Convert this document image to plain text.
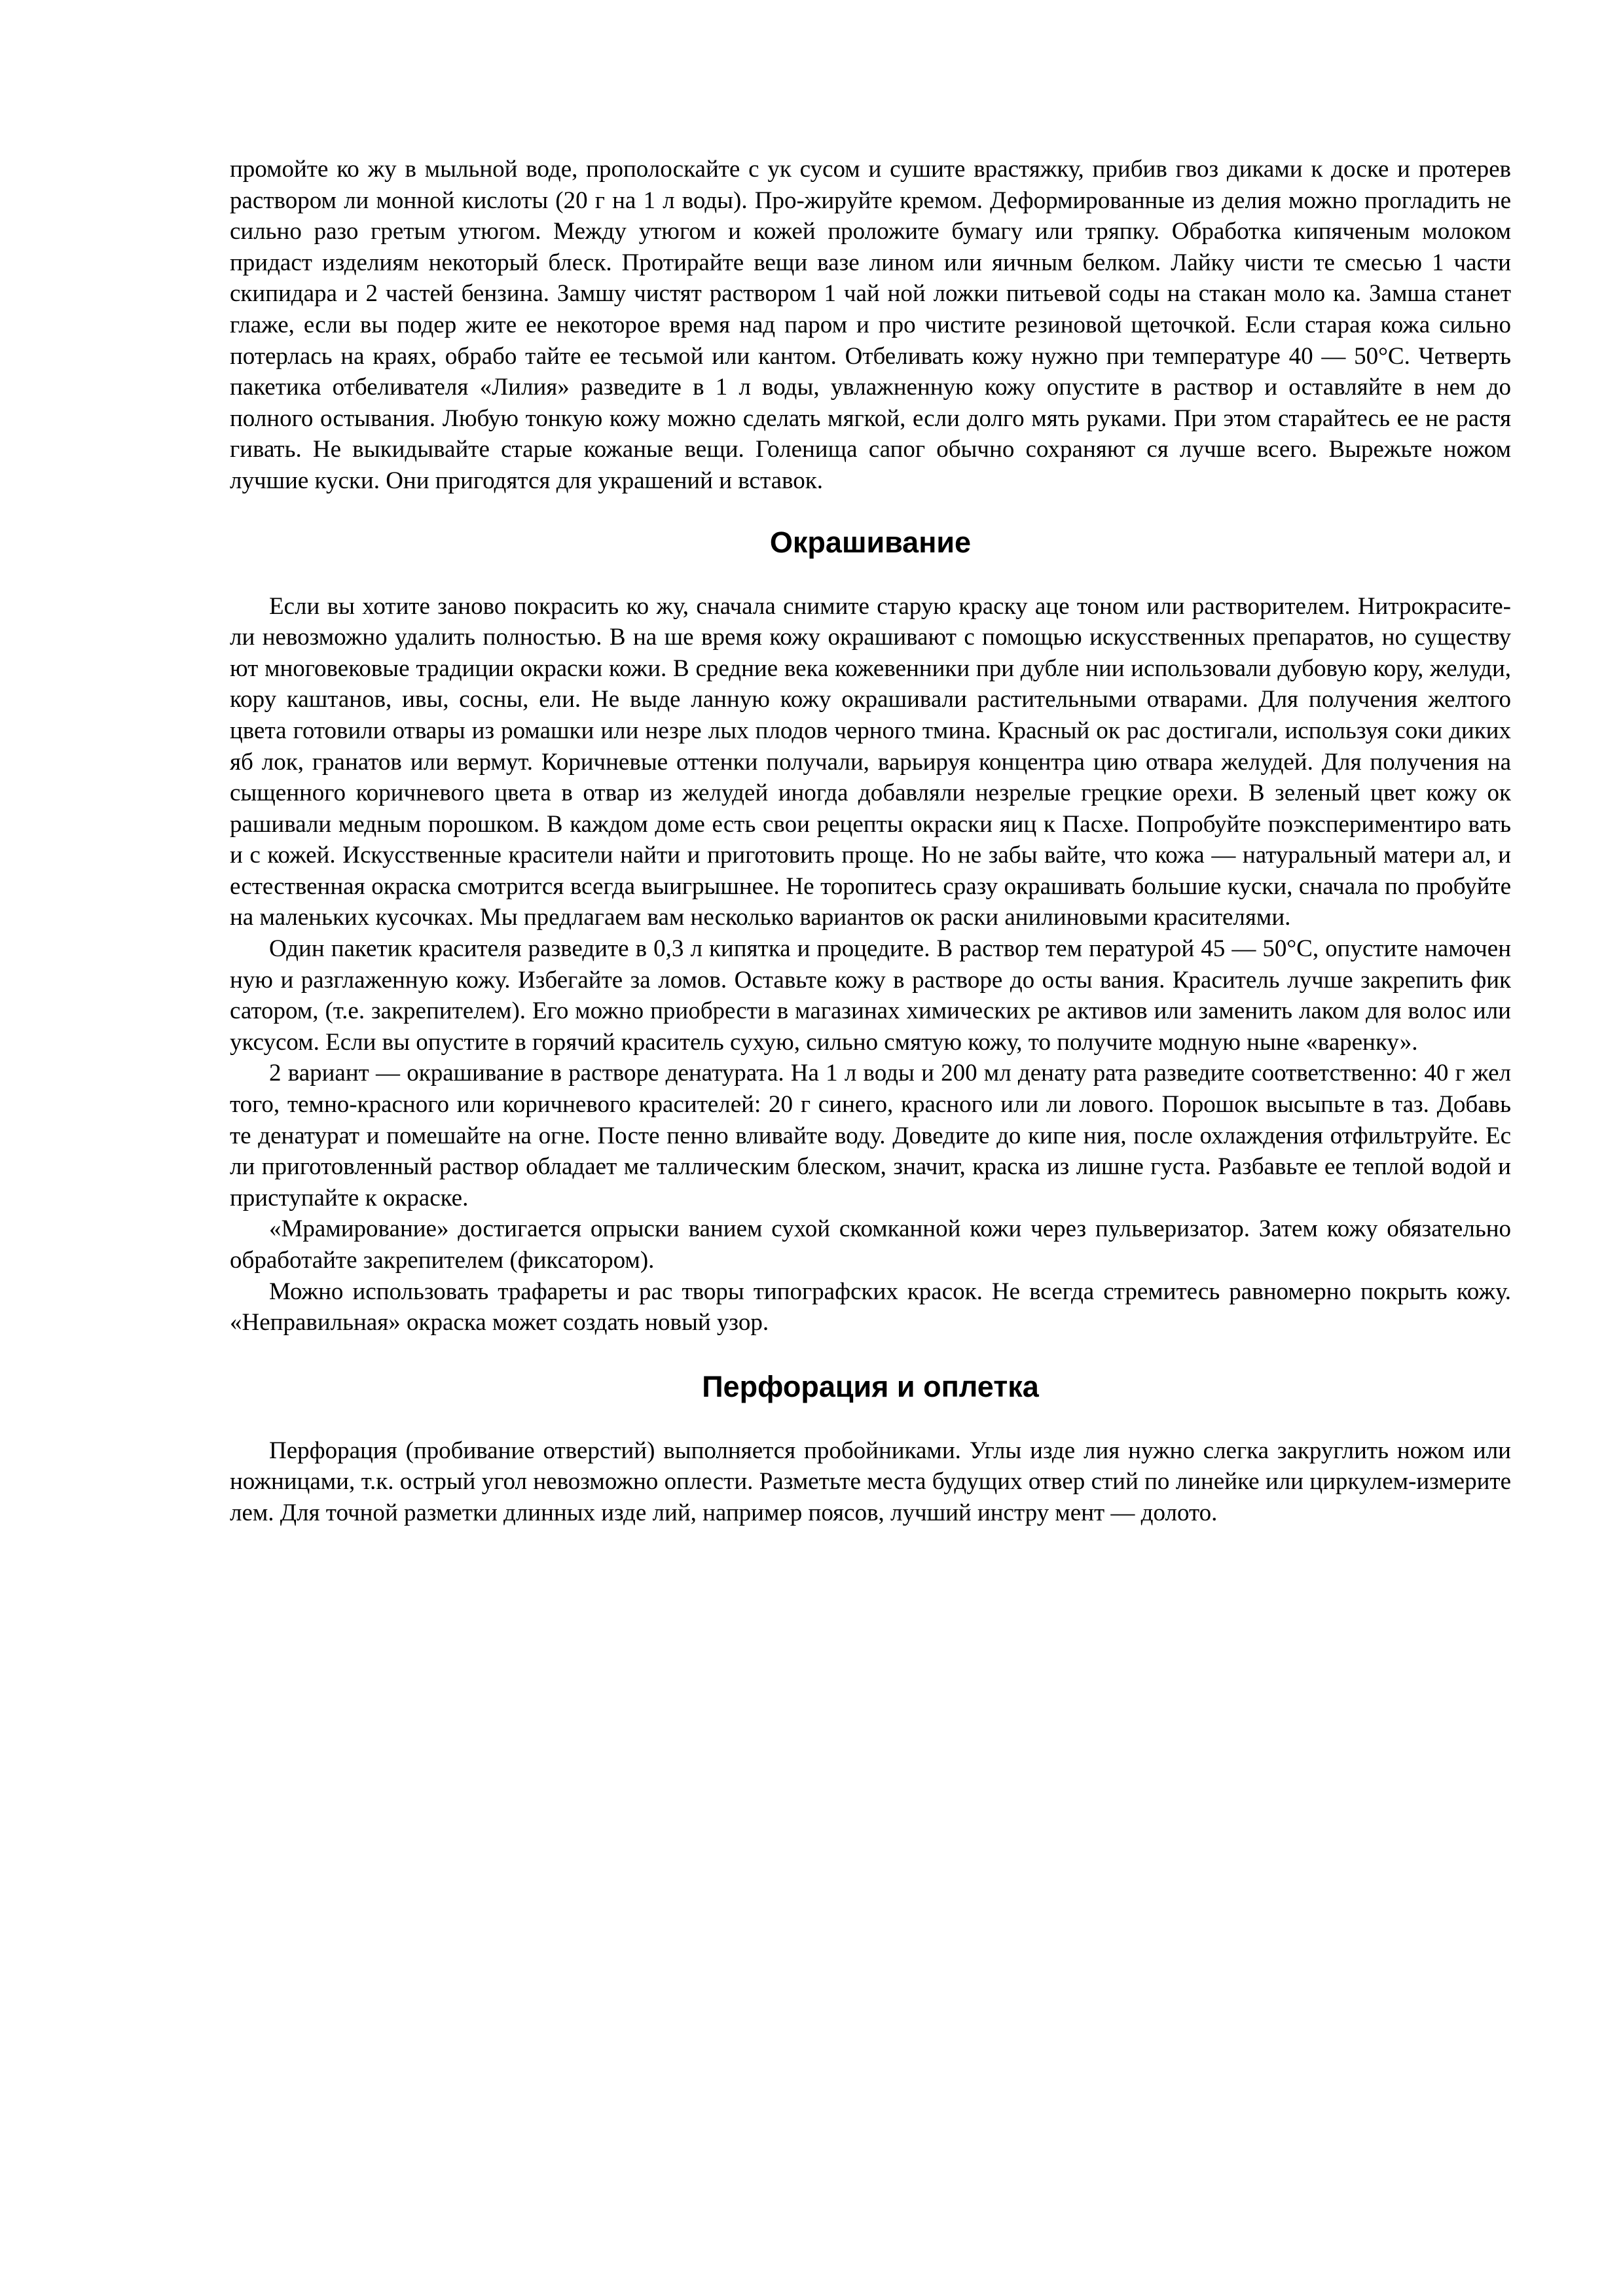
промойте ко жу в мыльной воде, прополоскайте с ук сусом и сушите врастяжку, прибив гвоз диками к доске и протерев раствором ли монной кислоты (20 г на 1 л воды). Про-жируйте кремом. Деформированные из делия можно прогладить не сильно разо гретым утюгом. Между утюгом и кожей проложите бумагу или тряпку. Обработка кипяченым молоком придаст изделиям некоторый блеск. Протирайте вещи вазе лином или яичным белком. Лайку чисти те смесью 1 части скипидара и 2 частей бензина. Замшу чистят раствором 1 чай ной ложки питьевой соды на стакан моло ка. Замша станет глаже, если вы подер жите ее некоторое время над паром и про чистите резиновой щеточкой. Если старая кожа сильно потерлась на краях, обрабо тайте ее тесьмой или кантом. Отбеливать кожу нужно при температуре 40 — 50°С. Четверть пакетика отбеливателя «Лилия» разведите в 1 л воды, увлажненную кожу опустите в раствор и оставляйте в нем до полного остывания. Любую тонкую кожу можно сделать мягкой, если долго мять руками. При этом старайтесь ее не растя гивать. Не выкидывайте старые кожаные вещи. Голенища сапог обычно сохраняют ся лучше всего. Вырежьте ножом лучшие куски. Они пригодятся для украшений и вставок.

Окрашивание

Если вы хотите заново покрасить ко жу, сначала снимите старую краску аце тоном или растворителем. Нитрокрасите-ли невозможно удалить полностью. В на ше время кожу окрашивают с помощью искусственных препаратов, но существу ют многовековые традиции окраски кожи. В средние века кожевенники при дубле нии использовали дубовую кору, желуди, кору каштанов, ивы, сосны, ели. Не выде ланную кожу окрашивали растительными отварами. Для получения желтого цвета готовили отвары из ромашки или незре лых плодов черного тмина. Красный ок рас достигали, используя соки диких яб лок, гранатов или вермут. Коричневые оттенки получали, варьируя концентра цию отвара желудей. Для получения на сыщенного коричневого цвета в отвар из желудей иногда добавляли незрелые грецкие орехи. В зеленый цвет кожу ок рашивали медным порошком. В каждом доме есть свои рецепты окраски яиц к Пасхе. Попробуйте поэкспериментиро вать и с кожей. Искусственные красители найти и приготовить проще. Но не забы вайте, что кожа — натуральный матери ал, и естественная окраска смотрится всегда выигрышнее. Не торопитесь сразу окрашивать большие куски, сначала по пробуйте на маленьких кусочках. Мы предлагаем вам несколько вариантов ок раски анилиновыми красителями.

Один пакетик красителя разведите в 0,3 л кипятка и процедите. В раствор тем пературой 45 — 50°С, опустите намочен ную и разглаженную кожу. Избегайте за ломов. Оставьте кожу в растворе до осты вания. Краситель лучше закрепить фик сатором, (т.е. закрепителем). Его можно приобрести в магазинах химических ре активов или заменить лаком для волос или уксусом. Если вы опустите в горячий краситель сухую, сильно смятую кожу, то получите модную ныне «варенку».

2 вариант — окрашивание в растворе денатурата. На 1 л воды и 200 мл денату рата разведите соответственно: 40 г жел того, темно-красного или коричневого красителей: 20 г синего, красного или ли лового. Порошок высыпьте в таз. Добавь те денатурат и помешайте на огне. Посте пенно вливайте воду. Доведите до кипе ния, после охлаждения отфильтруйте. Ес ли приготовленный раствор обладает ме таллическим блеском, значит, краска из лишне густа. Разбавьте ее теплой водой и приступайте к окраске.

«Мрамирование» достигается опрыски ванием сухой скомканной кожи через пульверизатор. Затем кожу обязательно обработайте закрепителем (фиксатором).

Можно использовать трафареты и рас творы типографских красок. Не всегда стремитесь равномерно покрыть кожу. «Неправильная» окраска может создать новый узор.

Перфорация и оплетка

Перфорация (пробивание отверстий) выполняется пробойниками. Углы изде лия нужно слегка закруглить ножом или ножницами, т.к. острый угол невозможно оплести. Разметьте места будущих отвер стий по линейке или циркулем-измерите лем. Для точной разметки длинных изде лий, например поясов, лучший инстру мент — долото.
